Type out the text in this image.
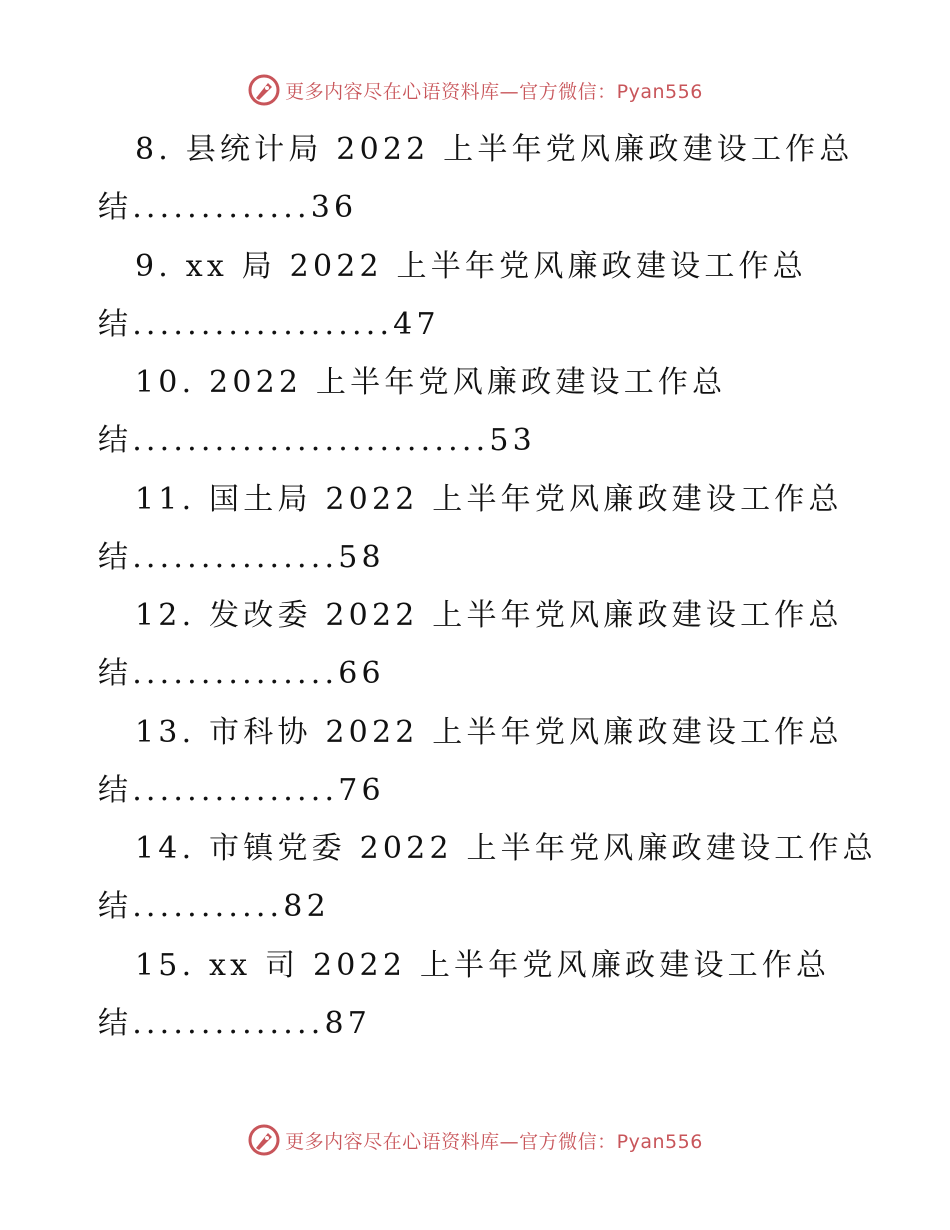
更多内容尽在心语资料库—官方微信：Pyan556
8. 县统计局 2022 上半年党风廉政建设工作总
结.............36
9. xx 局 2022 上半年党风廉政建设工作总
结...................47
10. 2022 上半年党风廉政建设工作总
结..........................53
11. 国土局 2022 上半年党风廉政建设工作总
结...............58
12. 发改委 2022 上半年党风廉政建设工作总
结...............66
13. 市科协 2022 上半年党风廉政建设工作总
结...............76
14. 市镇党委 2022 上半年党风廉政建设工作总
结...........82
15. xx 司 2022 上半年党风廉政建设工作总
结..............87
更多内容尽在心语资料库—官方微信：Pyan556
